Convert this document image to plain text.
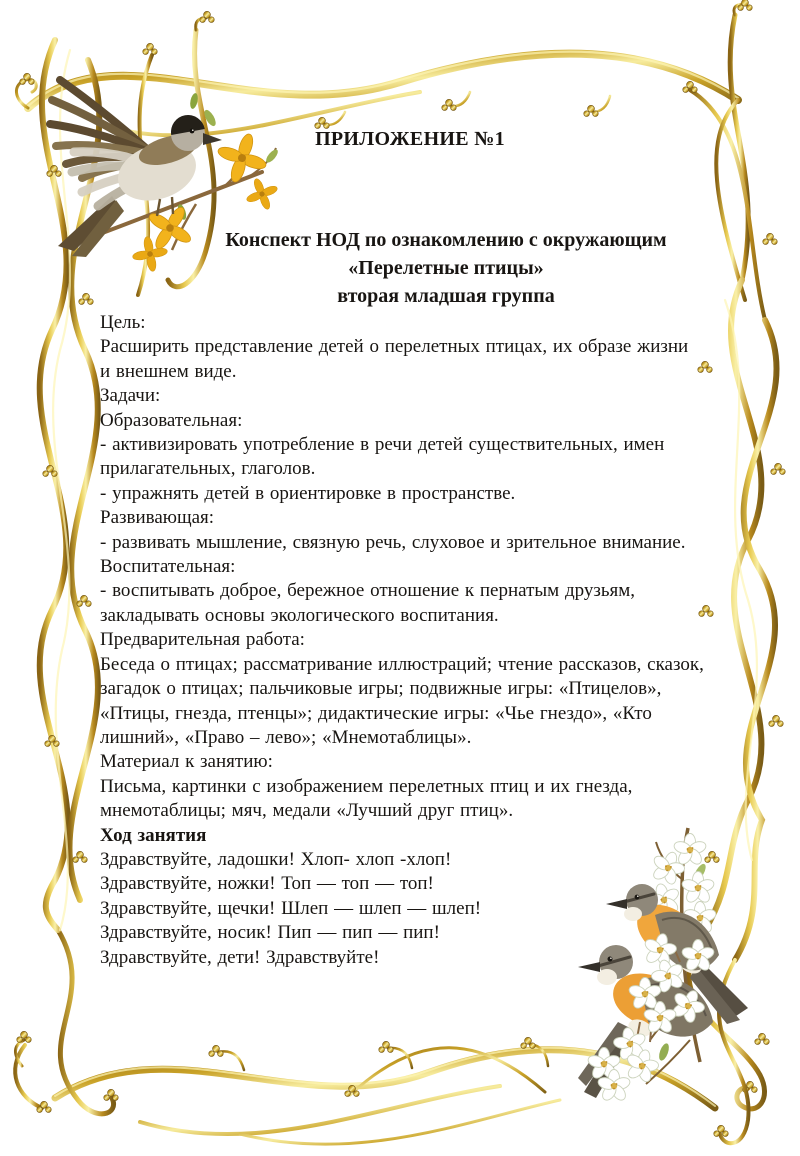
ПРИЛОЖЕНИЕ №1
Конспект НОД по ознакомлению с окружающим
«Перелетные птицы»
вторая младшая группа

Цель:

Расширить представление детей о перелетных птицах, их образе жизни и внешнем виде.

Задачи:

Образовательная:

- активизировать употребление в речи детей существительных, имен прилагательных, глаголов.

- упражнять детей в ориентировке в пространстве.

Развивающая:

- развивать мышление, связную речь, слуховое и зрительное внимание.

Воспитательная:

- воспитывать доброе, бережное отношение к пернатым друзьям, закладывать основы экологического воспитания.

Предварительная работа:

Беседа о птицах; рассматривание иллюстраций; чтение рассказов, сказок, загадок о птицах; пальчиковые игры; подвижные игры: «Птицелов», «Птицы, гнезда, птенцы»; дидактические игры: «Чье гнездо», «Кто лишний», «Право – лево»; «Мнемотаблицы».

Материал к занятию:

Письма, картинки с изображением перелетных птиц и их гнезда, мнемотаблицы; мяч, медали «Лучший друг птиц».

Ход занятия

Здравствуйте, ладошки! Хлоп- хлоп -хлоп!

Здравствуйте, ножки! Топ — топ — топ!

Здравствуйте, щечки! Шлеп — шлеп — шлеп!

Здравствуйте, носик! Пип — пип — пип!

Здравствуйте, дети! Здравствуйте!
